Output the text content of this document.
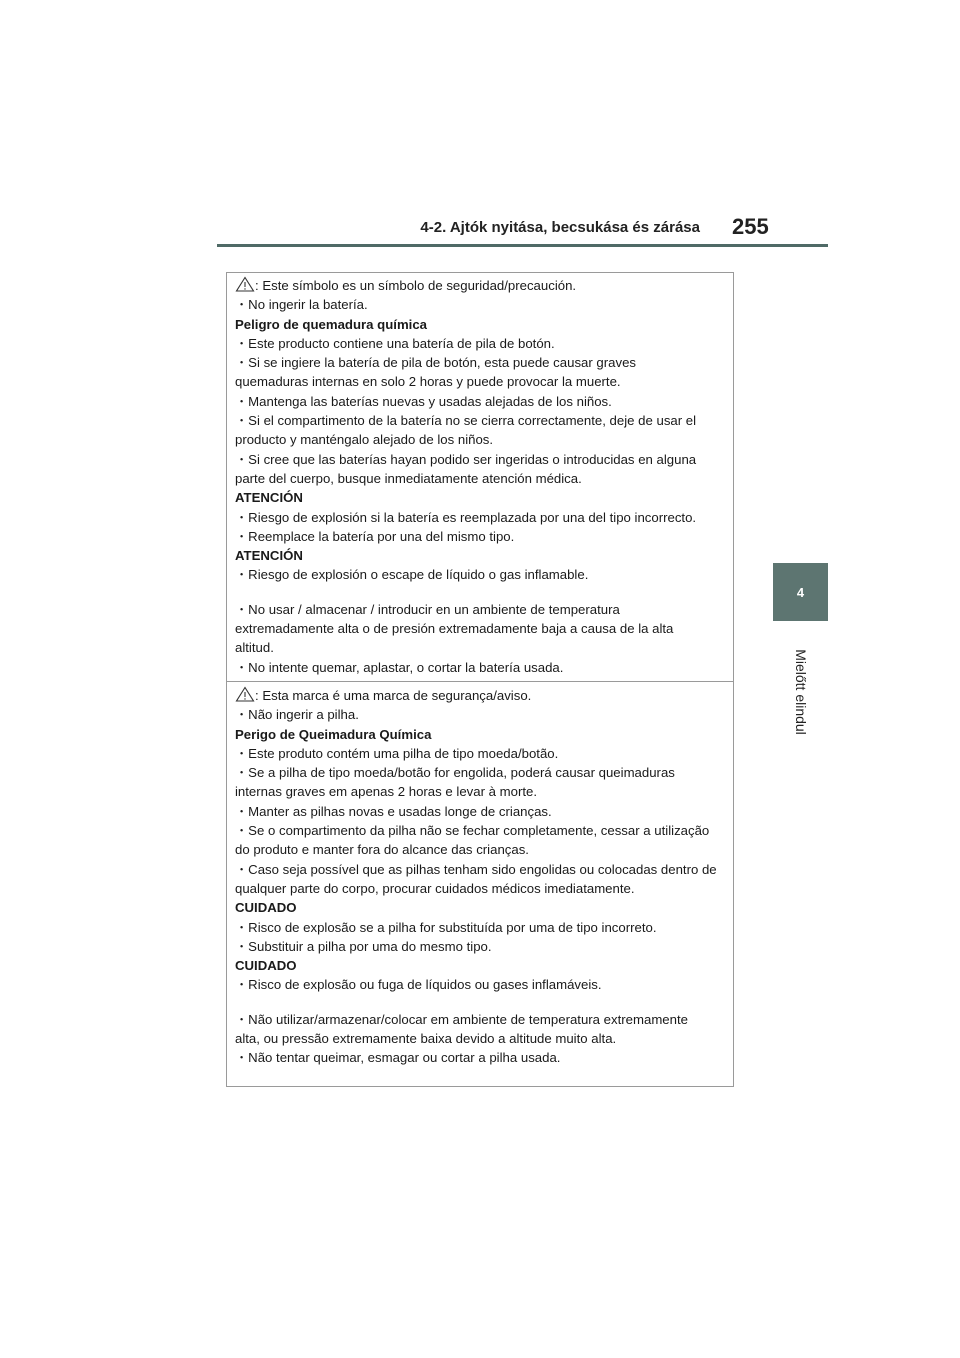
4-2. Ajtók nyitása, becsukása és zárása 255
4
Mielőtt elindul

: Este símbolo es un símbolo de seguridad/precaución.

・No ingerir la batería.

Peligro de quemadura química

・Este producto contiene una batería de pila de botón.

・Si se ingiere la batería de pila de botón, esta puede causar graves

quemaduras internas en solo 2 horas y puede provocar la muerte.

・Mantenga las baterías nuevas y usadas alejadas de los niños.

・Si el compartimento de la batería no se cierra correctamente, deje de usar el

producto y manténgalo alejado de los niños.

・Si cree que las baterías hayan podido ser ingeridas o introducidas en alguna

parte del cuerpo, busque inmediatamente atención médica.

ATENCIÓN

・Riesgo de explosión si la batería es reemplazada por una del tipo incorrecto.

・Reemplace la batería por una del mismo tipo.

ATENCIÓN

・Riesgo de explosión o escape de líquido o gas inflamable.

・No usar / almacenar / introducir en un ambiente de temperatura

extremadamente alta o de presión extremadamente baja a causa de la alta

altitud.

・No intente quemar, aplastar, o cortar la batería usada.

: Esta marca é uma marca de segurança/aviso.

・Não ingerir a pilha.

Perigo de Queimadura Química

・Este produto contém uma pilha de tipo moeda/botão.

・Se a pilha de tipo moeda/botão for engolida, poderá causar queimaduras

internas graves em apenas 2 horas e levar à morte.

・Manter as pilhas novas e usadas longe de crianças.

・Se o compartimento da pilha não se fechar completamente, cessar a utilização

do produto e manter fora do alcance das crianças.

・Caso seja possível que as pilhas tenham sido engolidas ou colocadas dentro de

qualquer parte do corpo, procurar cuidados médicos imediatamente.

CUIDADO

・Risco de explosão se a pilha for substituída por uma de tipo incorreto.

・Substituir a pilha por uma do mesmo tipo.

CUIDADO

・Risco de explosão ou fuga de líquidos ou gases inflamáveis.

・Não utilizar/armazenar/colocar em ambiente de temperatura extremamente

alta, ou pressão extremamente baixa devido a altitude muito alta.

・Não tentar queimar, esmagar ou cortar a pilha usada.
